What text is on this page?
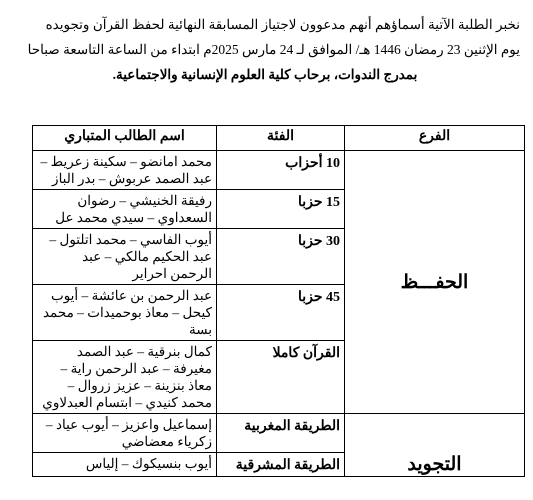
نخبر الطلبة الآتية أسماؤهم أنهم مدعوون لاجتياز المسابقة النهائية لحفظ القرآن وتجويده

يوم الإثنين 23 رمضان 1446 هـ/ الموافق لـ 24 مارس 2025م ابتداء من الساعة التاسعة صباحا

بمدرج الندوات، برحاب كلية العلوم الإنسانية والاجتماعية.

الفرع	الفئة	اسم الطالب المتباري
الحفـــظ	10 أحزاب	محمد امانضو – سكينة زعريط – عبد الصمد عربوش – بدر الباز
	15 حزبا	رفيقة الخنيشي – رضوان السعداوي – سيدي محمد عل
	30 حزبا	أيوب الفاسي – محمد اتلتول – عبد الحكيم مالكي – عبد الرحمن احراير
	45 حزبا	عبد الرحمن بن عائشة – أيوب كيحل – معاذ بوحميدات – محمد بسة
	القرآن كاملا	كمال بنرقية – عبد الصمد مغيرفة – عبد الرحمن راية – معاذ بنزينة – عزيز زروال – محمد كنيدي – ابتسام العبدلاوي
التجويد	الطريقة المغربية	إسماعيل واعزيز – أيوب عياد – زكرياء معضاضي
	الطريقة المشرقية	أيوب بنسيكوك – إلياس
